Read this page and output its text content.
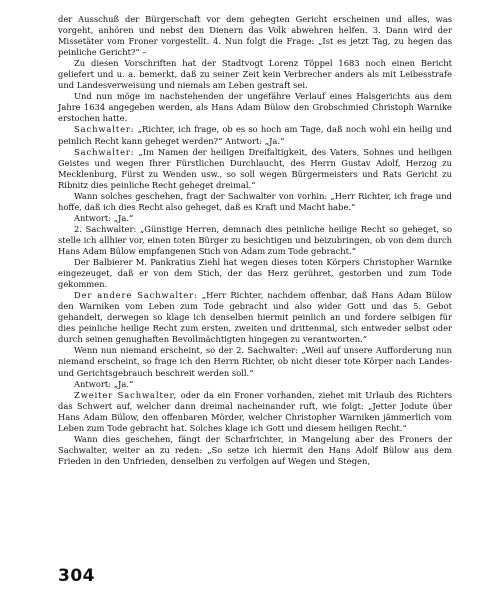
der Ausschuß der Bürgerschaft vor dem gehegten Gericht erscheinen und alles, was vorgeht, anhören und nebst den Dienern das Volk abwehren helfen. 3. Dann wird der Missetäter vom Froner vorgestellt. 4. Nun folgt die Frage: „Ist es jetzt Tag, zu hegen das peinliche Gericht?“ –

Zu diesen Vorschriften hat der Stadtvogt Lorenz Töppel 1683 noch einen Bericht geliefert und u. a. bemerkt, daß zu seiner Zeit kein Verbrecher anders als mit Leibesstrafe und Landesverweisung und niemals am Leben gestraft sei.

Und nun möge im nachstehenden der ungefähre Verlauf eines Halsgerichts aus dem Jahre 1634 angegeben werden, als Hans Adam Bülow den Grobschmied Christoph Warnike erstochen hatte.

Sachwalter: „Richter, ich frage, ob es so hoch am Tage, daß noch wohl ein heilig und peinlich Recht kann geheget werden?“ Antwort: „Ja.“

Sachwalter: „Im Namen der heiligen Dreifaltigkeit, des Vaters, Sohnes und heiligen Geistes und wegen Ihrer Fürstlichen Durchlaucht, des Herrn Gustav Adolf, Herzog zu Mecklenburg, Fürst zu Wenden usw., so soll wegen Bürgermeisters und Rats Gericht zu Ribnitz dies peinliche Recht geheget dreimal.“

Wann solches geschehen, fragt der Sachwalter von vorhin: „Herr Richter, ich frage und hoffe, daß ich dies Recht also geheget, daß es Kraft und Macht habe.“

Antwort: „Ja.“

2. Sachwalter: „Günstige Herren, demnach dies peinliche heilige Recht so geheget, so stelle ich allhier vor, einen toten Bürger zu besichtigen und beizubringen, ob von dem durch Hans Adam Bülow empfangenen Stich von Adam zum Tode gebracht.“

Der Balbierer M. Pankratius Ziehl hat wegen dieses toten Körpers Christopher Warnike eingezeuget, daß er von dem Stich, der das Herz gerühret, gestorben und zum Tode gekommen.

Der andere Sachwalter: „Herr Richter, nachdem offenbar, daß Hans Adam Bülow den Warniken vom Leben zum Tode gebracht und also wider Gott und das 5. Gebot gehandelt, derwegen so klage ich denselben hiermit peinlich an und fordere selbigen für dies peinliche heilige Recht zum ersten, zweiten und drittenmal, sich entweder selbst oder durch seinen genughaften Bevollmächtigten hingegen zu verantworten.“

Wenn nun niemand erscheint, so der 2. Sachwalter: „Weil auf unsere Aufforderung nun niemand erscheint, so frage ich den Herrn Richter, ob nicht dieser tote Körper nach Landes- und Gerichtsgebrauch beschreit werden soll.“

Antwort: „Ja.“

Zweiter Sachwalter, oder da ein Froner vorhanden, ziehet mit Urlaub des Richters das Schwert auf, welcher dann dreimal nacheinander ruft, wie folgt: „Jetter Jodute über Hans Adam Bülow, den offenbaren Mörder, welcher Christopher Warniken jämmerlich vom Leben zum Tode gebracht hat. Solches klage ich Gott und diesem heiligen Recht.“

Wann dies geschehen, fängt der Scharfrichter, in Mangelung aber des Froners der Sachwalter, weiter an zu reden: „So setze ich hiermit den Hans Adolf Bülow aus dem Frieden in den Unfrieden, denselben zu verfolgen auf Wegen und Stegen,

304
